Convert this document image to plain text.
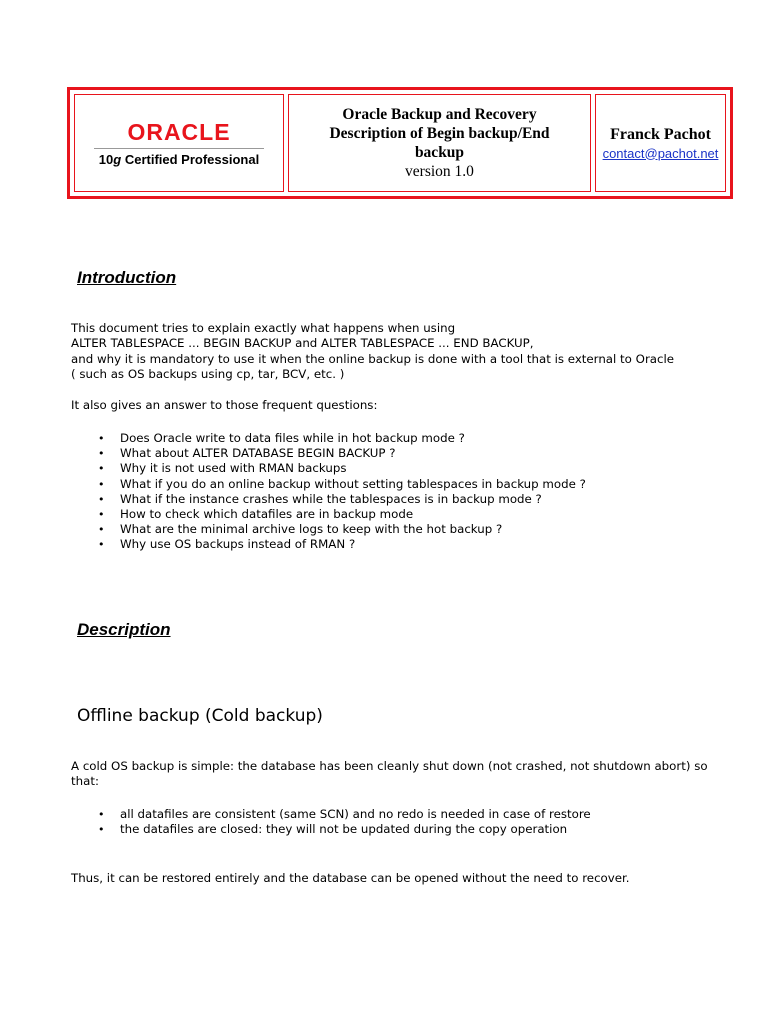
ORACLE
10g Certified Professional
Oracle Backup and Recovery Description of Begin backup/End backup
version 1.0
Franck Pachot
contact@pachot.net
Introduction

This document tries to explain exactly what happens when using

ALTER TABLESPACE ... BEGIN BACKUP and ALTER TABLESPACE ... END BACKUP,

and why it is mandatory to use it when the online backup is done with a tool that is external to Oracle

( such as OS backups using cp, tar, BCV, etc. )

It also gives an answer to those frequent questions:
• Does Oracle write to data files while in hot backup mode ?
• What about ALTER DATABASE BEGIN BACKUP ?
• Why it is not used with RMAN backups
• What if you do an online backup without setting tablespaces in backup mode ?
• What if the instance crashes while the tablespaces is in backup mode ?
• How to check which datafiles are in backup mode
• What are the minimal archive logs to keep with the hot backup ?
• Why use OS backups instead of RMAN ?
Description
Offline backup (Cold backup)
A cold OS backup is simple: the database has been cleanly shut down (not crashed, not shutdown abort) so that:
• all datafiles are consistent (same SCN) and no redo is needed in case of restore
• the datafiles are closed: they will not be updated during the copy operation
Thus, it can be restored entirely and the database can be opened without the need to recover.
